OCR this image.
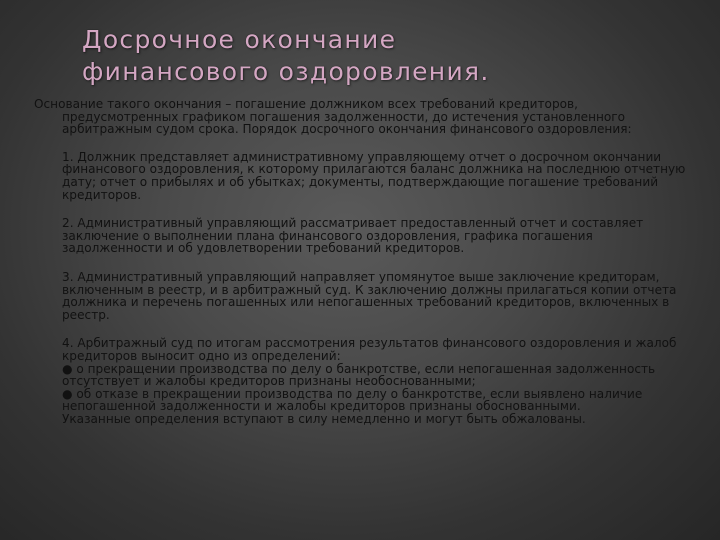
Досрочное окончание
финансового оздоровления.

Основание такого окончания – погашение должником всех требований кредиторов, предусмотренных графиком погашения задолженности, до истечения установленного арбитражным судом срока. Порядок досрочного окончания финансового оздоровления:

1. Должник представляет административному управляющему отчет о досрочном окончании финансового оздоровления, к которому прилагаются баланс должника на последнюю отчетную дату; отчет о прибылях и об убытках; документы, подтверждающие погашение требований кредиторов.

2. Административный управляющий рассматривает предоставленный отчет и составляет заключение о выполнении плана финансового оздоровления, графика погашения задолженности и об удовлетворении требований кредиторов.

3. Административный управляющий направляет упомянутое выше заключение кредиторам, включенным в реестр, и в арбитражный суд. К заключению должны прилагаться копии отчета должника и перечень погашенных или непогашенных требований кредиторов, включенных в реестр.

4. Арбитражный суд по итогам рассмотрения результатов финансового оздоровления и жалоб кредиторов выносит одно из определений:

● о прекращении производства по делу о банкротстве, если непогашенная задолженность отсутствует и жалобы кредиторов признаны необоснованными;

● об отказе в прекращении производства по делу о банкротстве, если выявлено наличие непогашенной задолженности и жалобы кредиторов признаны обоснованными.

Указанные определения вступают в силу немедленно и могут быть обжалованы.
